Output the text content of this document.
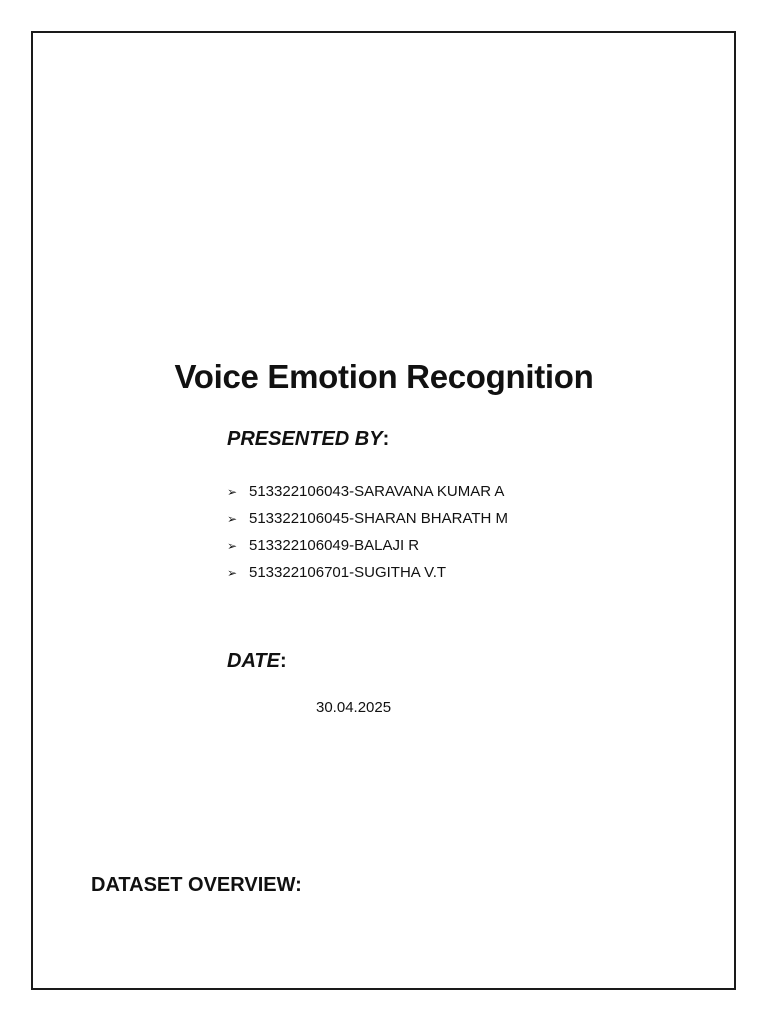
Voice Emotion Recognition
PRESENTED BY:
➢ 513322106043-SARAVANA KUMAR A
➢ 513322106045-SHARAN BHARATH M
➢ 513322106049-BALAJI R
➢ 513322106701-SUGITHA V.T
DATE:

30.04.2025

DATASET OVERVIEW:
